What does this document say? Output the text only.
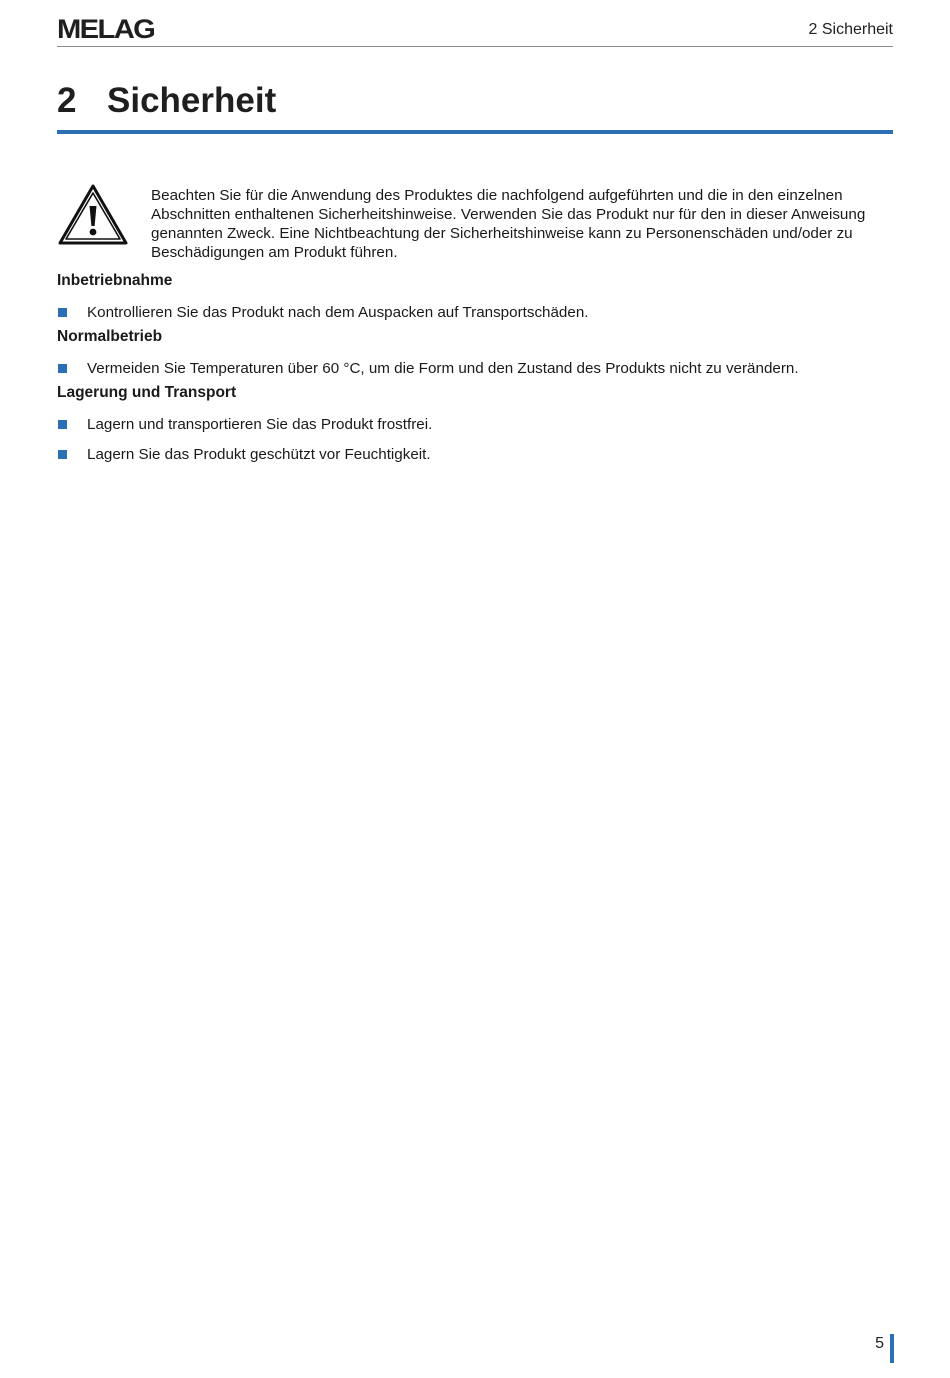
MELAG	2 Sicherheit
2 Sicherheit

Beachten Sie für die Anwendung des Produktes die nachfolgend aufgeführten und die in den einzelnen Abschnitten enthaltenen Sicherheitshinweise. Verwenden Sie das Produkt nur für den in dieser Anweisung genannten Zweck. Eine Nichtbeachtung der Sicherheitshinweise kann zu Personenschäden und/oder zu Beschädigungen am Produkt führen.

Inbetriebnahme
Kontrollieren Sie das Produkt nach dem Auspacken auf Transportschäden.
Normalbetrieb
Vermeiden Sie Temperaturen über 60 °C, um die Form und den Zustand des Produkts nicht zu verändern.
Lagerung und Transport
Lagern und transportieren Sie das Produkt frostfrei.
Lagern Sie das Produkt geschützt vor Feuchtigkeit.
5
